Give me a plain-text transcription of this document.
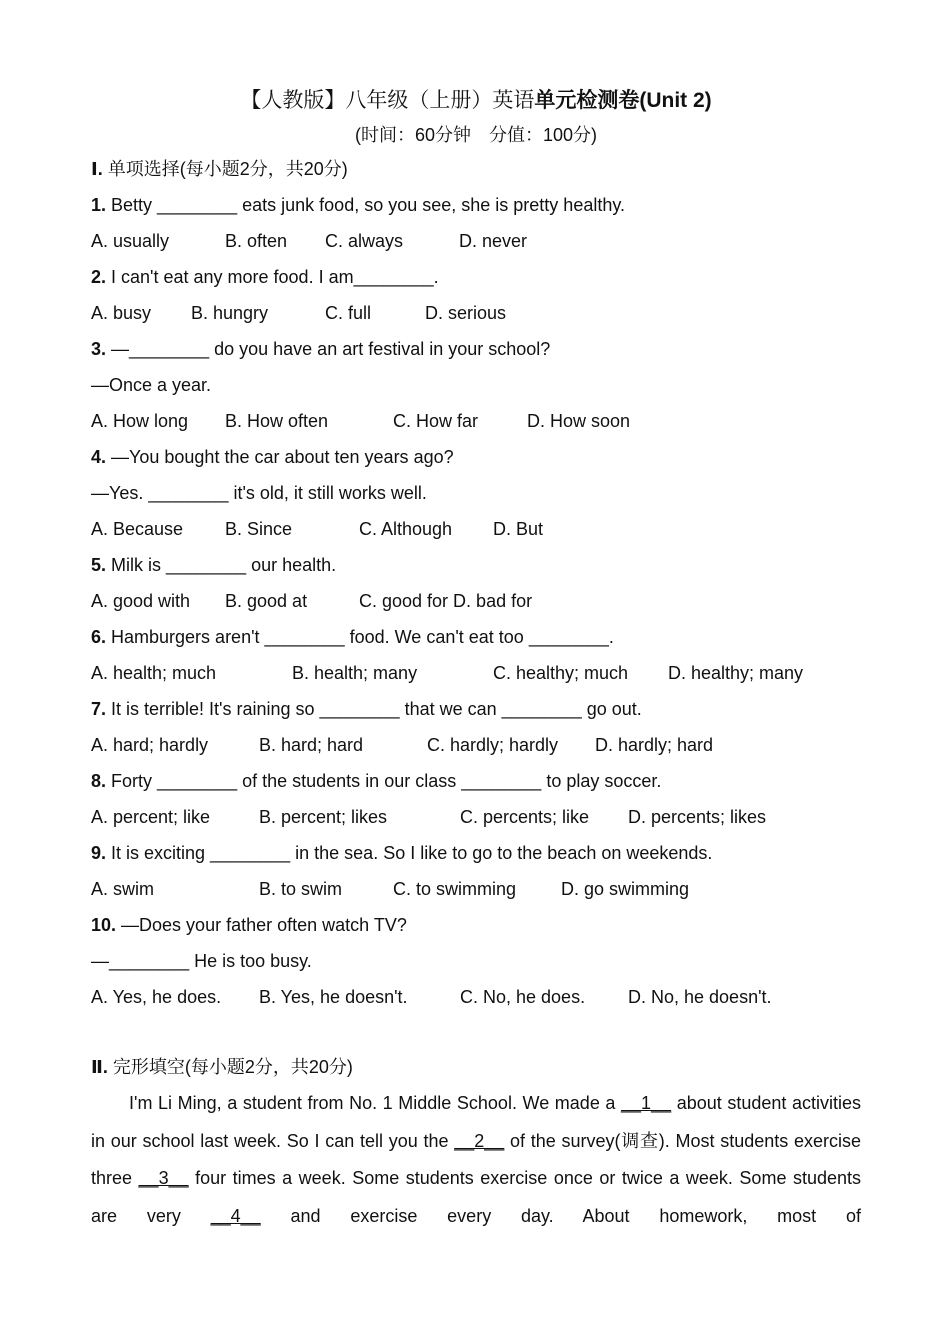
【人教版】八年级（上册）英语单元检测卷(Unit 2)
(时间：60分钟　分值：100分)
Ⅰ. 单项选择(每小题2分，共20分)
1. Betty ________ eats junk food, so you see, she is pretty healthy.
A. usually	B. often	C. always	D. never
2. I can't eat any more food. I am________.
A. busy	B. hungry	C. full	D. serious
3. —________ do you have an art festival in your school?
—Once a year.
A. How long	B. How often	C. How far	D. How soon
4. —You bought the car about ten years ago?
—Yes. ________ it's old, it still works well.
A. Because	B. Since	C. Although	D. But
5. Milk is ________ our health.
A. good with	B. good at	C. good for D. bad for
6. Hamburgers aren't ________ food. We can't eat too ________.
A. health; much	B. health; many	C. healthy; much	D. healthy; many
7. It is terrible! It's raining so ________ that we can ________ go out.
A. hard; hardly	B. hard; hard	C. hardly; hardly	D. hardly; hard
8. Forty ________ of the students in our class ________ to play soccer.
A. percent; like	B. percent; likes	C. percents; like	D. percents; likes
9. It is exciting ________ in the sea. So I like to go to the beach on weekends.
A. swim	B. to swim	C. to swimming	D. go swimming
10. —Does your father often watch TV?
—________ He is too busy.
A. Yes, he does.	B. Yes, he doesn't.	C. No, he does.	D. No, he doesn't.
Ⅱ. 完形填空(每小题2分，共20分)
I'm Li Ming, a student from No. 1 Middle School. We made a __1__ about student activities in our school last week. So I can tell you the __2__ of the survey(调查). Most students exercise three __3__ four times a week. Some students exercise once or twice a week. Some students are very __4__ and exercise every day. About homework, most of
